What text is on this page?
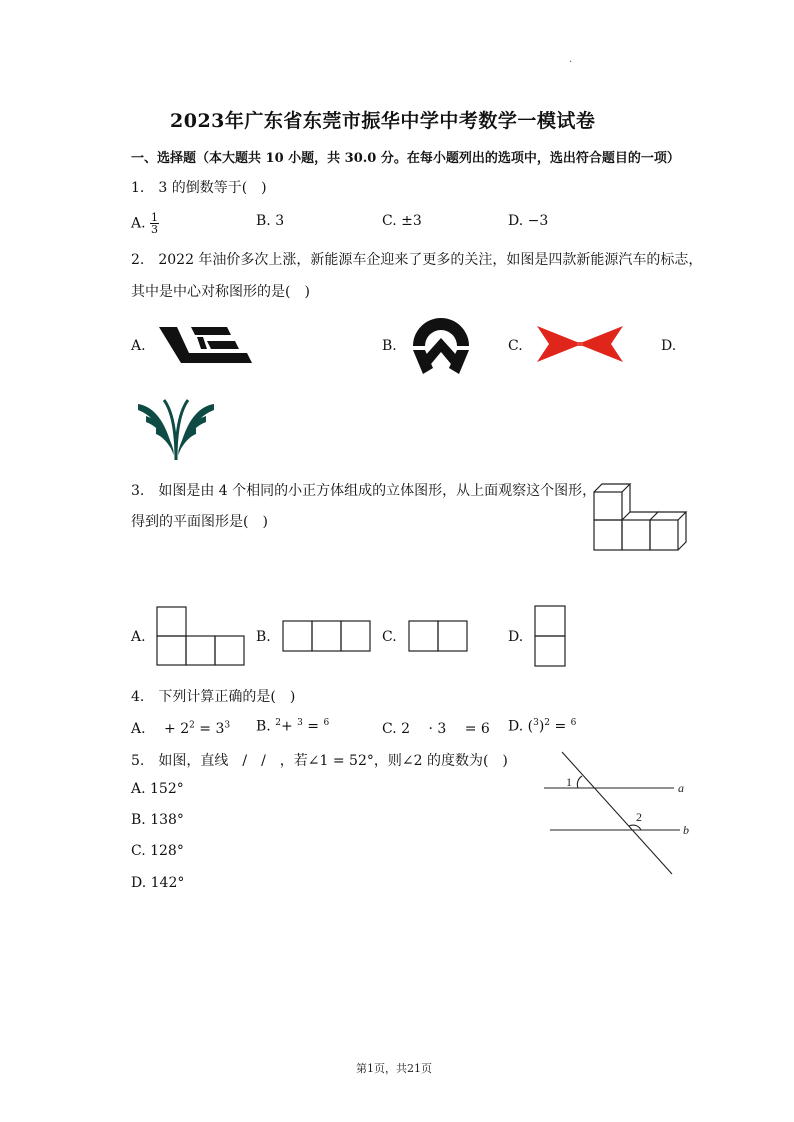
.
2023年广东省东莞市振华中学中考数学一模试卷
一、选择题（本大题共 10 小题，共 30.0 分。在每小题列出的选项中，选出符合题目的一项）
1.　3 的倒数等于(　)
A. $\frac{1}{3}$	B. 3	C. ±3	D. −3
2.　2022 年油价多次上涨，新能源车企迎来了更多的关注，如图是四款新能源汽车的标志，
其中是中心对称图形的是(　)
A.	B.	C.	D.
3.　如图是由 4 个相同的小正方体组成的立体图形，从上面观察这个图形，
得到的平面图形是(　)
A.	B.	C.	D.
4.　下列计算正确的是(　)
A. 　+ $2^2 = 3^3$ B. $^2$+ $^3$ = $^6$	C. 2 　· 3 　= 6 D. $(^3)^2 = ^6$
5.　如图，直线　/　/　，若∠1 = 52°，则∠2 的度数为(　)
A. 152°
B. 138°
C. 128°
D. 142°
1
2
a
b
第1页，共21页
